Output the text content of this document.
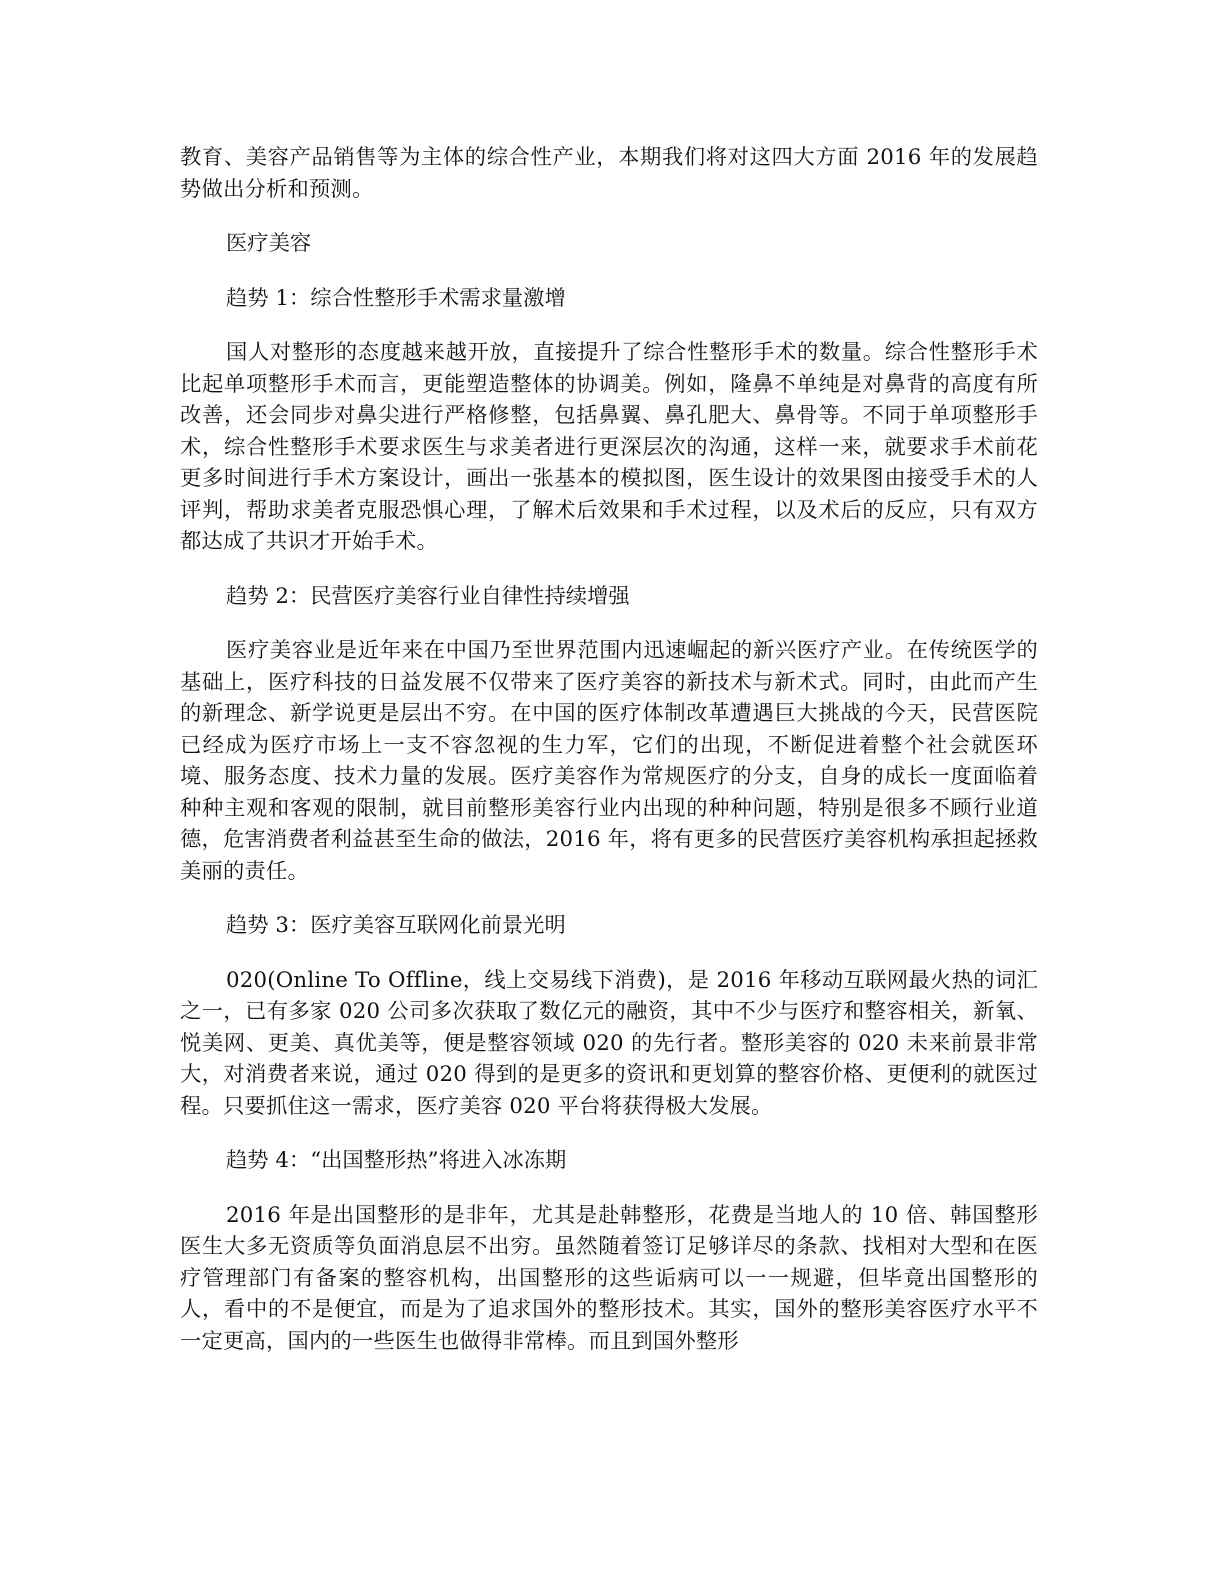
教育、美容产品销售等为主体的综合性产业，本期我们将对这四大方面 2016 年的发展趋势做出分析和预测。

医疗美容

趋势 1：综合性整形手术需求量激增

国人对整形的态度越来越开放，直接提升了综合性整形手术的数量。综合性整形手术比起单项整形手术而言，更能塑造整体的协调美。例如，隆鼻不单纯是对鼻背的高度有所改善，还会同步对鼻尖进行严格修整，包括鼻翼、鼻孔肥大、鼻骨等。不同于单项整形手术，综合性整形手术要求医生与求美者进行更深层次的沟通，这样一来，就要求手术前花更多时间进行手术方案设计，画出一张基本的模拟图，医生设计的效果图由接受手术的人评判，帮助求美者克服恐惧心理，了解术后效果和手术过程，以及术后的反应，只有双方都达成了共识才开始手术。

趋势 2：民营医疗美容行业自律性持续增强

医疗美容业是近年来在中国乃至世界范围内迅速崛起的新兴医疗产业。在传统医学的基础上，医疗科技的日益发展不仅带来了医疗美容的新技术与新术式。同时，由此而产生的新理念、新学说更是层出不穷。在中国的医疗体制改革遭遇巨大挑战的今天，民营医院已经成为医疗市场上一支不容忽视的生力军，它们的出现，不断促进着整个社会就医环境、服务态度、技术力量的发展。医疗美容作为常规医疗的分支，自身的成长一度面临着种种主观和客观的限制，就目前整形美容行业内出现的种种问题，特别是很多不顾行业道德，危害消费者利益甚至生命的做法，2016 年，将有更多的民营医疗美容机构承担起拯救美丽的责任。

趋势 3：医疗美容互联网化前景光明

020(Online To Offline，线上交易线下消费)，是 2016 年移动互联网最火热的词汇之一，已有多家 020 公司多次获取了数亿元的融资，其中不少与医疗和整容相关，新氧、悦美网、更美、真优美等，便是整容领域 020 的先行者。整形美容的 020 未来前景非常大，对消费者来说，通过 020 得到的是更多的资讯和更划算的整容价格、更便利的就医过程。只要抓住这一需求，医疗美容 020 平台将获得极大发展。

趋势 4：“出国整形热”将进入冰冻期

2016 年是出国整形的是非年，尤其是赴韩整形，花费是当地人的 10 倍、韩国整形医生大多无资质等负面消息层不出穷。虽然随着签订足够详尽的条款、找相对大型和在医疗管理部门有备案的整容机构，出国整形的这些诟病可以一一规避，但毕竟出国整形的人，看中的不是便宜，而是为了追求国外的整形技术。其实，国外的整形美容医疗水平不一定更高，国内的一些医生也做得非常棒。而且到国外整形
